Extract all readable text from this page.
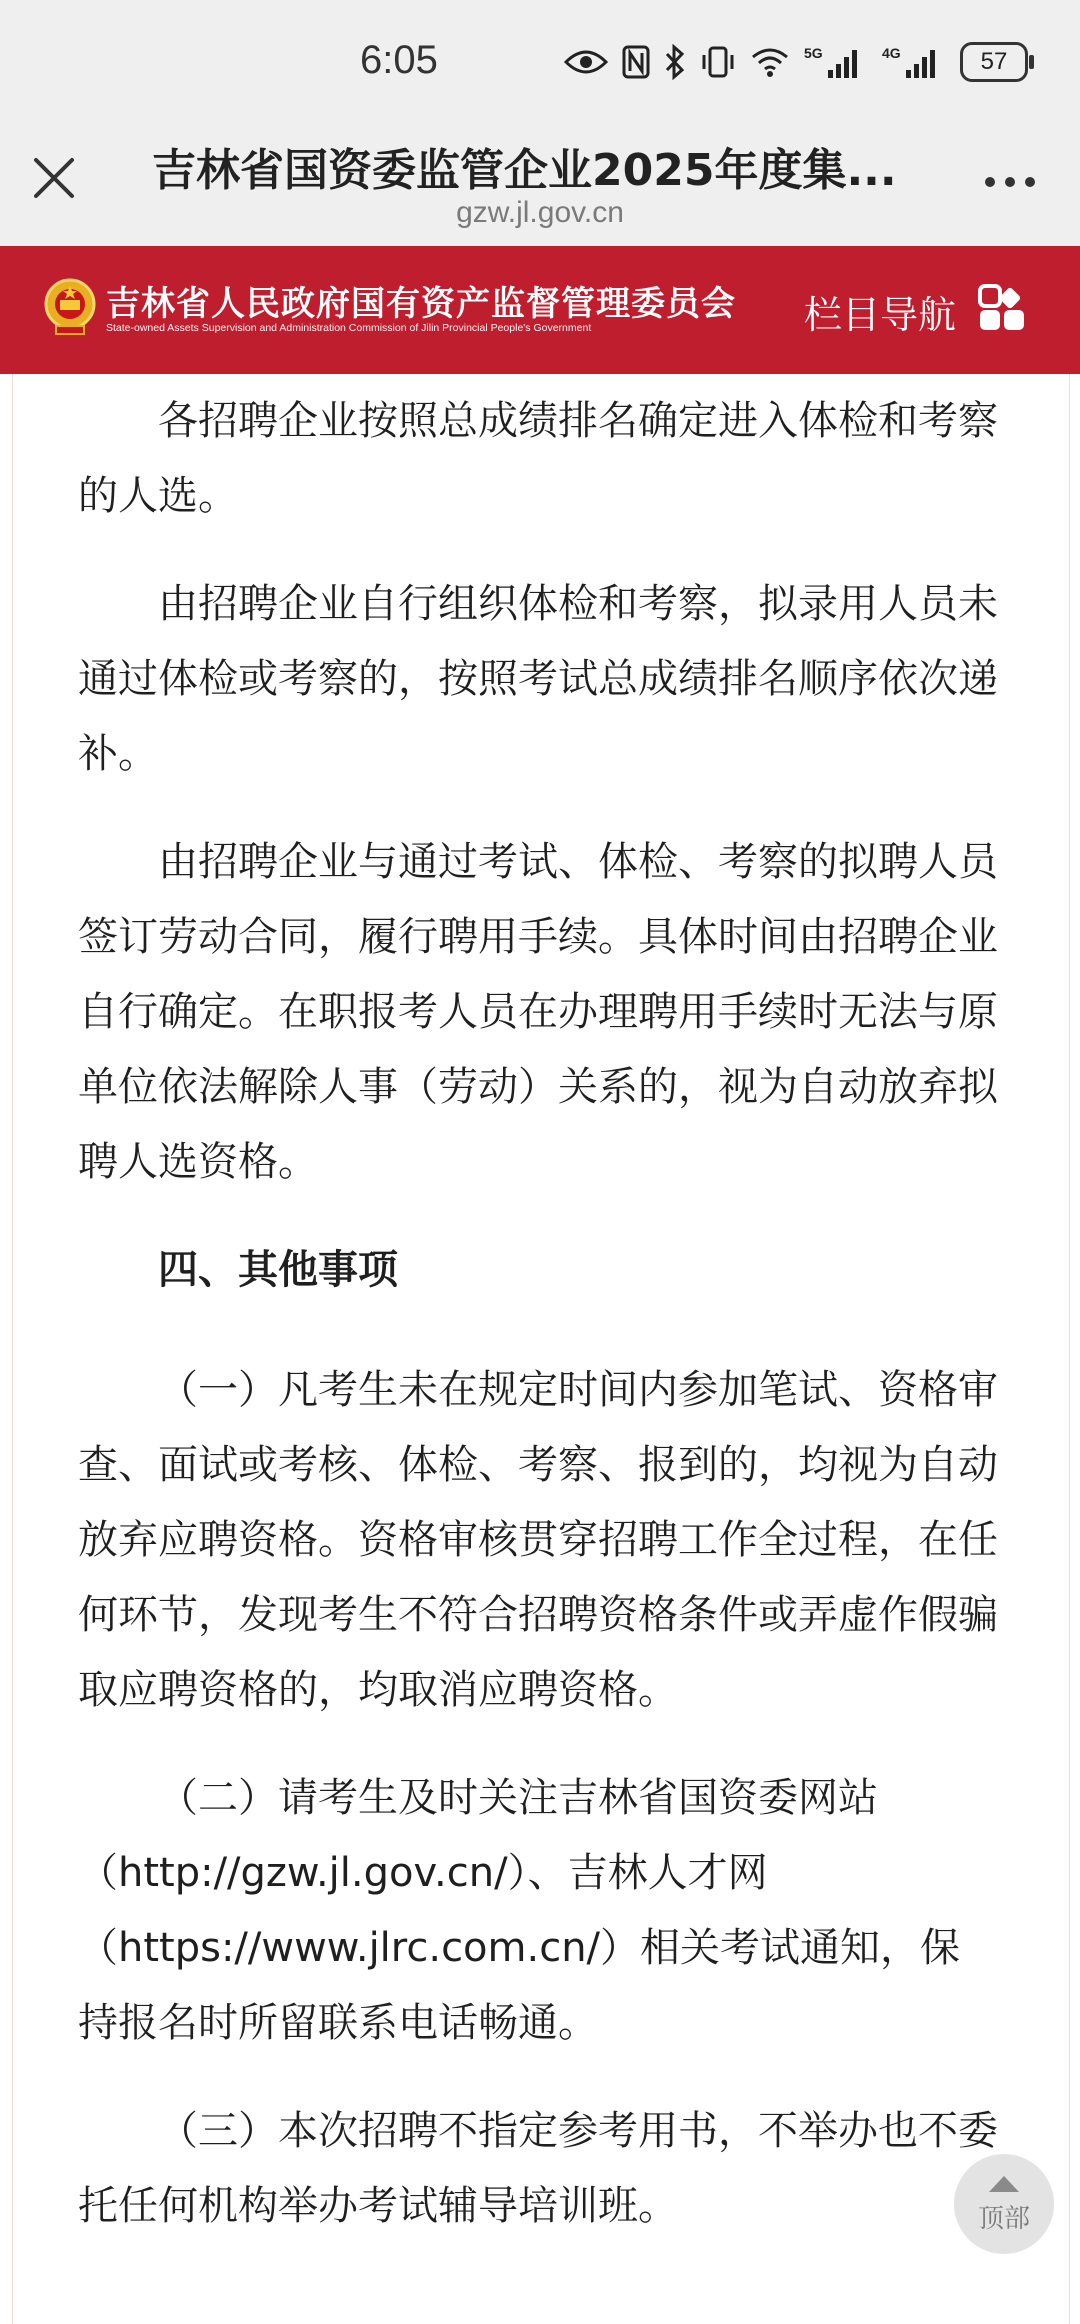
6:05	5G	4G	57
吉林省国资委监管企业2025年度集...
gzw.jl.gov.cn
吉林省人民政府国有资产监督管理委员会
State-owned Assets Supervision and Administration Commission of Jilin Provincial People's Government	栏目导航

各招聘企业按照总成绩排名确定进入体检和考察的人选。

由招聘企业自行组织体检和考察，拟录用人员未通过体检或考察的，按照考试总成绩排名顺序依次递补。

由招聘企业与通过考试、体检、考察的拟聘人员签订劳动合同，履行聘用手续。具体时间由招聘企业自行确定。在职报考人员在办理聘用手续时无法与原单位依法解除人事（劳动）关系的，视为自动放弃拟聘人选资格。

四、其他事项

（一）凡考生未在规定时间内参加笔试、资格审查、面试或考核、体检、考察、报到的，均视为自动放弃应聘资格。资格审核贯穿招聘工作全过程，在任何环节，发现考生不符合招聘资格条件或弄虚作假骗取应聘资格的，均取消应聘资格。

（二）请考生及时关注吉林省国资委网站（http://gzw.jl.gov.cn/）、吉林人才网（https://www.jlrc.com.cn/）相关考试通知，保持报名时所留联系电话畅通。

（三）本次招聘不指定参考用书，不举办也不委托任何机构举办考试辅导培训班。	顶部
